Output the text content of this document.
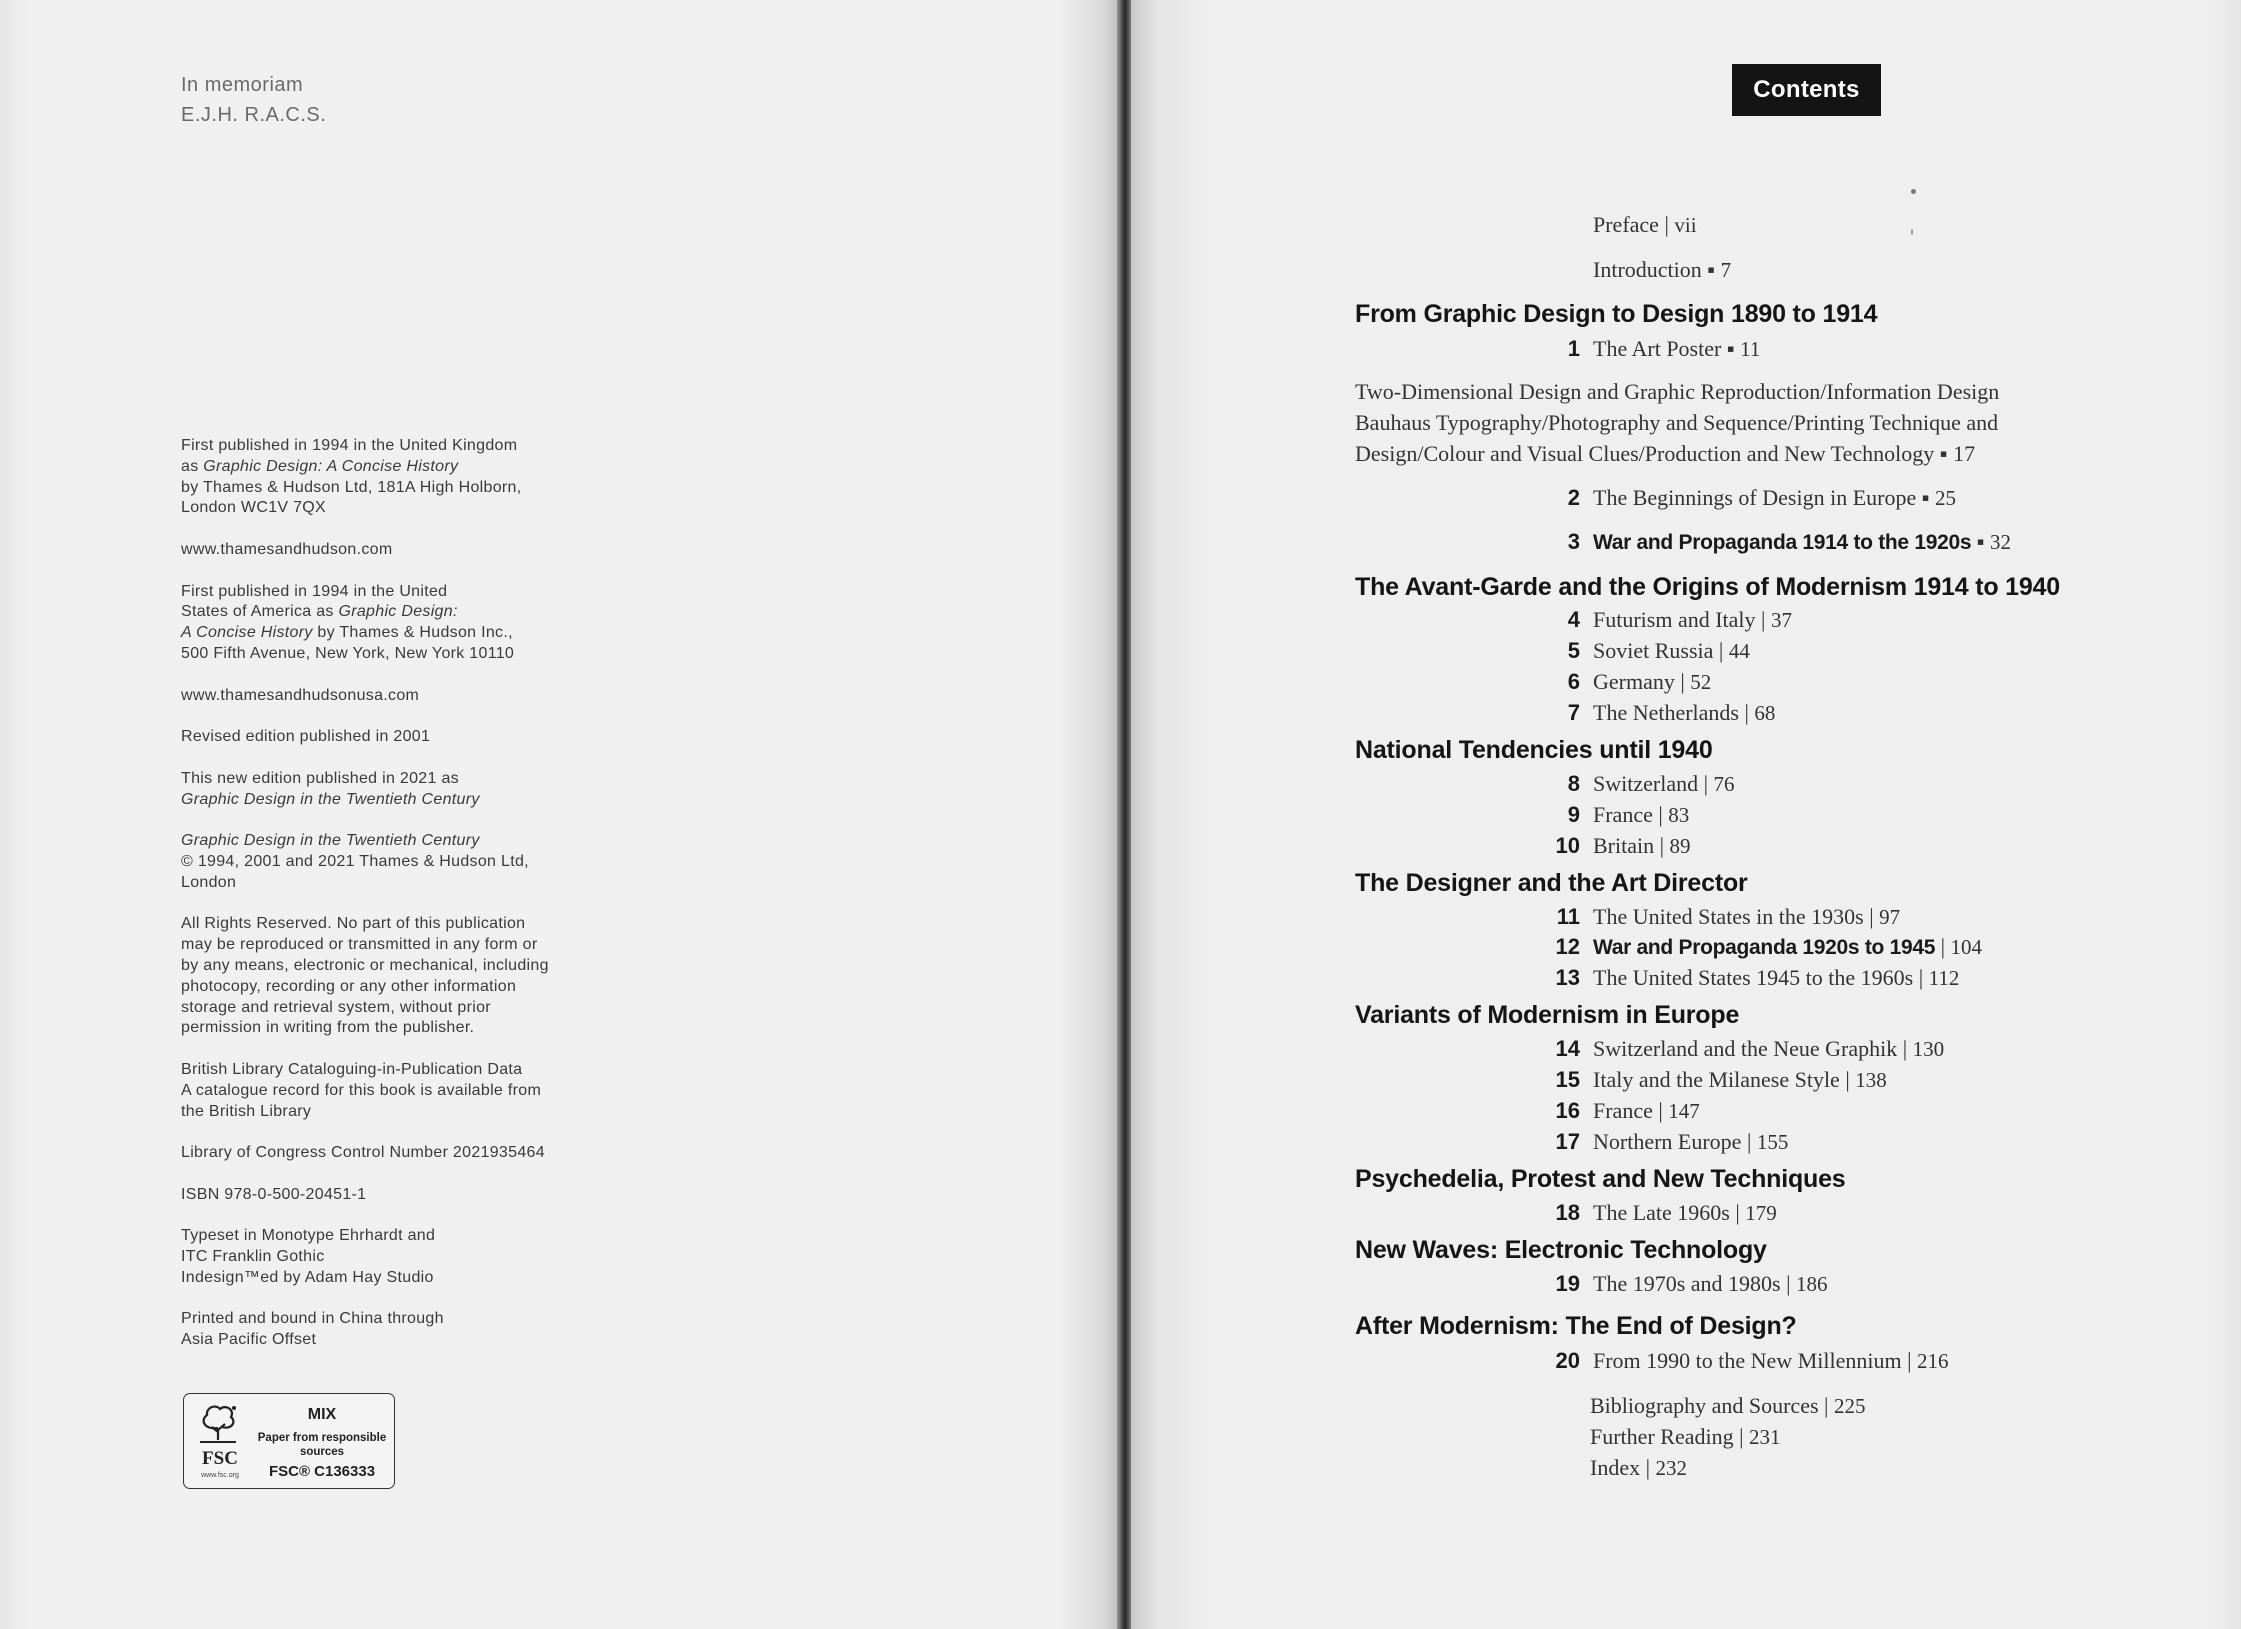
In memoriam
E.J.H. R.A.C.S.
First published in 1994 in the United Kingdom
as Graphic Design: A Concise History
by Thames & Hudson Ltd, 181A High Holborn,
London WC1V 7QX
www.thamesandhudson.com
First published in 1994 in the United
States of America as Graphic Design:
A Concise History by Thames & Hudson Inc.,
500 Fifth Avenue, New York, New York 10110
www.thamesandhudsonusa.com
Revised edition published in 2001
This new edition published in 2021 as
Graphic Design in the Twentieth Century
Graphic Design in the Twentieth Century
© 1994, 2001 and 2021 Thames & Hudson Ltd,
London
All Rights Reserved. No part of this publication
may be reproduced or transmitted in any form or
by any means, electronic or mechanical, including
photocopy, recording or any other information
storage and retrieval system, without prior
permission in writing from the publisher.
British Library Cataloguing-in-Publication Data
A catalogue record for this book is available from
the British Library
Library of Congress Control Number 2021935464
ISBN 978-0-500-20451-1
Typeset in Monotype Ehrhardt and
ITC Franklin Gothic
Indesign™ed by Adam Hay Studio
Printed and bound in China through
Asia Pacific Offset
FSC
www.fsc.org
MIX
Paper from responsible sources
FSC® C136333
Contents
Preface | vii
Introduction ▪ 7
From Graphic Design to Design 1890 to 1914
1 The Art Poster ▪ 11
Two-Dimensional Design and Graphic Reproduction/Information Design
Bauhaus Typography/Photography and Sequence/Printing Technique and
Design/Colour and Visual Clues/Production and New Technology ▪ 17
2 The Beginnings of Design in Europe ▪ 25
3 War and Propaganda 1914 to the 1920s ▪ 32
The Avant-Garde and the Origins of Modernism 1914 to 1940
4 Futurism and Italy | 37
5 Soviet Russia | 44
6 Germany | 52
7 The Netherlands | 68
National Tendencies until 1940
8 Switzerland | 76
9 France | 83
10 Britain | 89
The Designer and the Art Director
11 The United States in the 1930s | 97
12 War and Propaganda 1920s to 1945 | 104
13 The United States 1945 to the 1960s | 112
Variants of Modernism in Europe
14 Switzerland and the Neue Graphik | 130
15 Italy and the Milanese Style | 138
16 France | 147
17 Northern Europe | 155
Psychedelia, Protest and New Techniques
18 The Late 1960s | 179
New Waves: Electronic Technology
19 The 1970s and 1980s | 186
After Modernism: The End of Design?
20 From 1990 to the New Millennium | 216
Bibliography and Sources | 225
Further Reading | 231
Index | 232
